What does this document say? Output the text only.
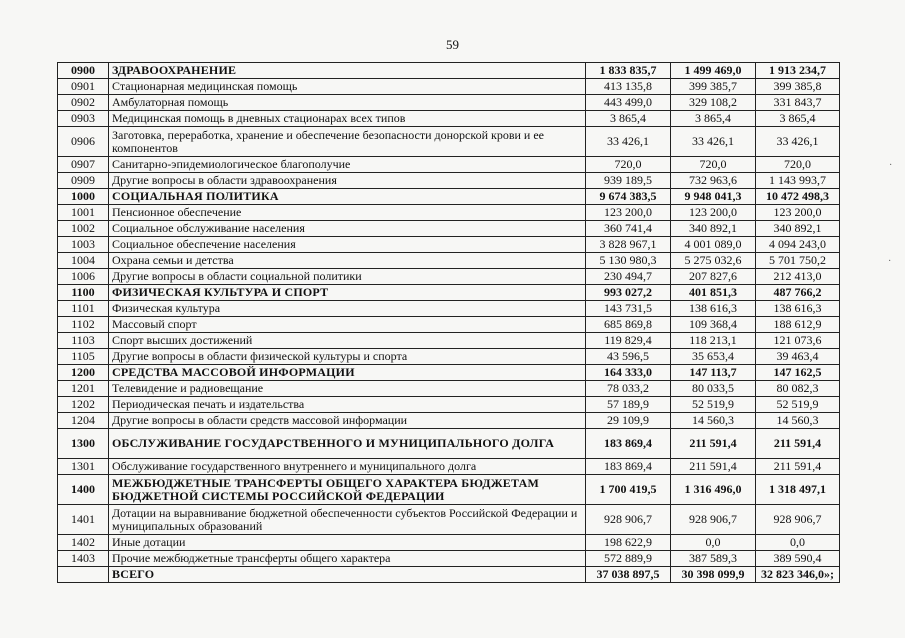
59
0900	ЗДРАВООХРАНЕНИЕ	1 833 835,7	1 499 469,0	1 913 234,7
0901	Стационарная медицинская помощь	413 135,8	399 385,7	399 385,8
0902	Амбулаторная помощь	443 499,0	329 108,2	331 843,7
0903	Медицинская помощь в дневных стационарах всех типов	3 865,4	3 865,4	3 865,4
0906	Заготовка, переработка, хранение и обеспечение безопасности донорской крови и ее компонентов	33 426,1	33 426,1	33 426,1
0907	Санитарно-эпидемиологическое благополучие	720,0	720,0	720,0
0909	Другие вопросы в области здравоохранения	939 189,5	732 963,6	1 143 993,7
1000	СОЦИАЛЬНАЯ ПОЛИТИКА	9 674 383,5	9 948 041,3	10 472 498,3
1001	Пенсионное обеспечение	123 200,0	123 200,0	123 200,0
1002	Социальное обслуживание населения	360 741,4	340 892,1	340 892,1
1003	Социальное обеспечение населения	3 828 967,1	4 001 089,0	4 094 243,0
1004	Охрана семьи и детства	5 130 980,3	5 275 032,6	5 701 750,2
1006	Другие вопросы в области социальной политики	230 494,7	207 827,6	212 413,0
1100	ФИЗИЧЕСКАЯ КУЛЬТУРА И СПОРТ	993 027,2	401 851,3	487 766,2
1101	Физическая культура	143 731,5	138 616,3	138 616,3
1102	Массовый спорт	685 869,8	109 368,4	188 612,9
1103	Спорт высших достижений	119 829,4	118 213,1	121 073,6
1105	Другие вопросы в области физической культуры и спорта	43 596,5	35 653,4	39 463,4
1200	СРЕДСТВА МАССОВОЙ ИНФОРМАЦИИ	164 333,0	147 113,7	147 162,5
1201	Телевидение и радиовещание	78 033,2	80 033,5	80 082,3
1202	Периодическая печать и издательства	57 189,9	52 519,9	52 519,9
1204	Другие вопросы в области средств массовой информации	29 109,9	14 560,3	14 560,3
1300	ОБСЛУЖИВАНИЕ ГОСУДАРСТВЕННОГО И МУНИЦИПАЛЬНОГО ДОЛГА	183 869,4	211 591,4	211 591,4
1301	Обслуживание государственного внутреннего и муниципального долга	183 869,4	211 591,4	211 591,4
1400	МЕЖБЮДЖЕТНЫЕ ТРАНСФЕРТЫ ОБЩЕГО ХАРАКТЕРА БЮДЖЕТАМ БЮДЖЕТНОЙ СИСТЕМЫ РОССИЙСКОЙ ФЕДЕРАЦИИ	1 700 419,5	1 316 496,0	1 318 497,1
1401	Дотации на выравнивание бюджетной обеспеченности субъектов Российской Федерации и муниципальных образований	928 906,7	928 906,7	928 906,7
1402	Иные дотации	198 622,9	0,0	0,0
1403	Прочие межбюджетные трансферты общего характера	572 889,9	387 589,3	389 590,4
	ВСЕГО	37 038 897,5	30 398 099,9	32 823 346,0»;
·
·
